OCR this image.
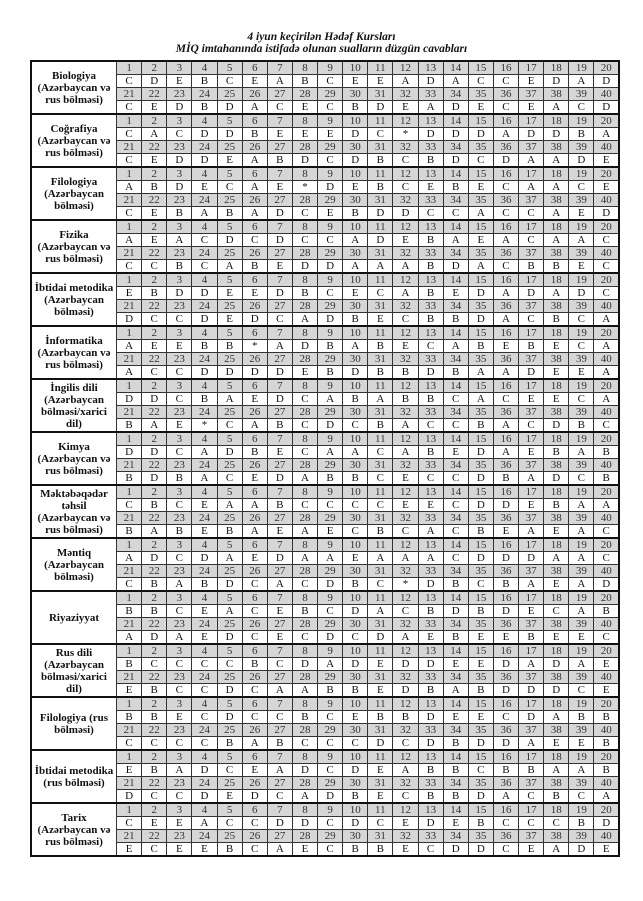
4 iyun keçirilən Hədəf Kursları
MİQ imtahanında istifadə olunan sualların düzgün cavabları
Biologiya (Azərbaycan və rus bölməsi)	1	2	3	4	5	6	7	8	9	10	11	12	13	14	15	16	17	18	19	20
	C	D	E	B	C	E	A	B	C	E	E	A	D	A	C	C	E	D	A	D
	21	22	23	24	25	26	27	28	29	30	31	32	33	34	35	36	37	38	39	40
	C	E	D	B	D	A	C	E	C	B	D	E	A	D	E	C	E	A	C	D
Coğrafiya (Azərbaycan və rus bölməsi)	1	2	3	4	5	6	7	8	9	10	11	12	13	14	15	16	17	18	19	20
	C	A	C	D	D	B	E	E	E	D	C	*	D	D	D	A	D	D	B	A
	21	22	23	24	25	26	27	28	29	30	31	32	33	34	35	36	37	38	39	40
	C	E	D	D	E	A	B	D	C	D	B	C	B	D	C	D	A	A	D	E
Filologiya (Azərbaycan bölməsi)	1	2	3	4	5	6	7	8	9	10	11	12	13	14	15	16	17	18	19	20
	A	B	D	E	C	A	E	*	D	E	B	C	E	B	E	C	A	A	C	E
	21	22	23	24	25	26	27	28	29	30	31	32	33	34	35	36	37	38	39	40
	C	E	B	A	B	A	D	C	E	B	D	D	C	C	A	C	C	A	E	D
Fizika (Azərbaycan və rus bölməsi)	1	2	3	4	5	6	7	8	9	10	11	12	13	14	15	16	17	18	19	20
	A	E	A	C	D	C	D	C	C	A	D	E	B	A	E	A	C	A	A	C
	21	22	23	24	25	26	27	28	29	30	31	32	33	34	35	36	37	38	39	40
	C	C	B	C	A	B	E	D	D	A	A	A	B	D	A	C	B	B	E	C
İbtidai metodika (Azərbaycan bölməsi)	1	2	3	4	5	6	7	8	9	10	11	12	13	14	15	16	17	18	19	20
	E	B	D	D	E	E	D	B	C	E	C	A	B	E	D	A	D	A	D	C
	21	22	23	24	25	26	27	28	29	30	31	32	33	34	35	36	37	38	39	40
	D	C	C	D	E	D	C	A	D	B	E	C	B	B	D	A	C	B	C	A
İnformatika (Azərbaycan və rus bölməsi)	1	2	3	4	5	6	7	8	9	10	11	12	13	14	15	16	17	18	19	20
	A	E	E	B	B	*	A	D	B	A	B	E	C	A	B	E	B	E	C	A
	21	22	23	24	25	26	27	28	29	30	31	32	33	34	35	36	37	38	39	40
	A	C	C	D	D	D	D	E	B	D	B	B	D	B	A	A	D	E	E	A
İngilis dili (Azərbaycan bölməsi/xarici dil)	1	2	3	4	5	6	7	8	9	10	11	12	13	14	15	16	17	18	19	20
	D	D	C	B	A	E	D	C	A	B	A	B	B	C	A	C	E	E	C	A
	21	22	23	24	25	26	27	28	29	30	31	32	33	34	35	36	37	38	39	40
	B	A	E	*	C	A	B	C	D	C	B	A	C	C	B	A	C	D	B	C
Kimya (Azərbaycan və rus bölməsi)	1	2	3	4	5	6	7	8	9	10	11	12	13	14	15	16	17	18	19	20
	D	D	C	A	D	B	E	C	A	A	C	A	B	E	D	A	E	B	A	B
	21	22	23	24	25	26	27	28	29	30	31	32	33	34	35	36	37	38	39	40
	B	D	B	A	C	E	D	A	B	B	C	E	C	C	D	B	A	D	C	B
Məktəbəqədər təhsil (Azərbaycan və rus bölməsi)	1	2	3	4	5	6	7	8	9	10	11	12	13	14	15	16	17	18	19	20
	C	B	C	E	A	A	B	C	C	C	C	E	E	C	D	D	E	B	A	A
	21	22	23	24	25	26	27	28	29	30	31	32	33	34	35	36	37	38	39	40
	B	A	B	E	B	A	E	A	E	C	B	C	A	C	B	E	A	E	A	C
Məntiq (Azərbaycan bölməsi)	1	2	3	4	5	6	7	8	9	10	11	12	13	14	15	16	17	18	19	20
	A	D	C	D	A	E	D	A	A	E	A	A	A	C	D	D	D	A	A	C
	21	22	23	24	25	26	27	28	29	30	31	32	33	34	35	36	37	38	39	40
	C	B	A	B	D	C	A	C	D	B	C	*	D	B	C	B	A	E	A	D
Riyaziyyat	1	2	3	4	5	6	7	8	9	10	11	12	13	14	15	16	17	18	19	20
	B	B	C	E	A	C	E	B	C	D	A	C	B	D	B	D	E	C	A	B
	21	22	23	24	25	26	27	28	29	30	31	32	33	34	35	36	37	38	39	40
	A	D	A	E	D	C	E	C	D	C	D	A	E	B	E	E	B	E	E	C
Rus dili (Azərbaycan bölməsi/xarici dil)	1	2	3	4	5	6	7	8	9	10	11	12	13	14	15	16	17	18	19	20
	B	C	C	C	C	B	C	D	A	D	E	D	D	E	E	D	A	D	A	E
	21	22	23	24	25	26	27	28	29	30	31	32	33	34	35	36	37	38	39	40
	E	B	C	C	D	C	A	A	B	B	E	D	B	A	B	D	D	D	C	E
Filologiya (rus bölməsi)	1	2	3	4	5	6	7	8	9	10	11	12	13	14	15	16	17	18	19	20
	B	B	E	C	D	C	C	B	C	E	B	B	D	E	E	C	D	A	B	B
	21	22	23	24	25	26	27	28	29	30	31	32	33	34	35	36	37	38	39	40
	C	C	C	C	B	A	B	C	C	C	D	C	D	B	D	D	A	E	E	B
İbtidai metodika (rus bölməsi)	1	2	3	4	5	6	7	8	9	10	11	12	13	14	15	16	17	18	19	20
	E	B	A	D	C	E	A	D	C	D	E	A	B	B	C	B	B	A	A	B
	21	22	23	24	25	26	27	28	29	30	31	32	33	34	35	36	37	38	39	40
	D	C	C	D	E	D	C	A	D	B	E	C	B	B	D	A	C	B	C	A
Tarix (Azərbaycan və rus bölməsi)	1	2	3	4	5	6	7	8	9	10	11	12	13	14	15	16	17	18	19	20
	C	E	E	A	C	C	D	D	C	D	C	E	D	E	B	C	C	C	B	D
	21	22	23	24	25	26	27	28	29	30	31	32	33	34	35	36	37	38	39	40
	E	C	E	E	B	C	A	E	C	B	B	E	C	D	D	C	E	A	D	E
